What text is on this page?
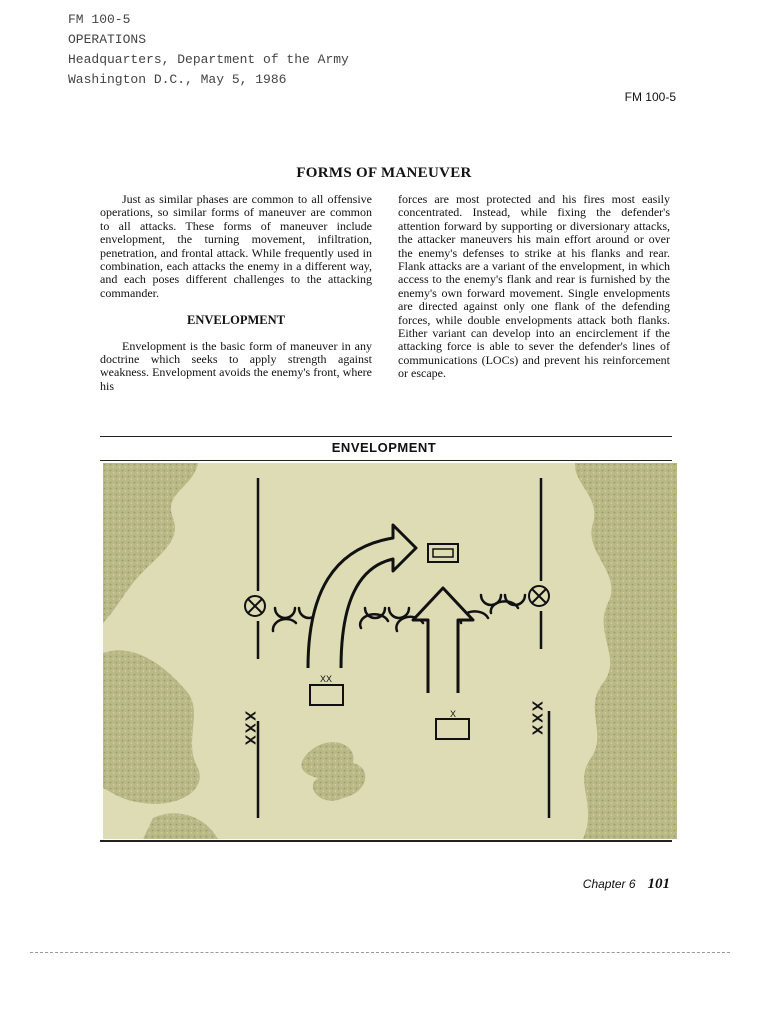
FM 100-5
OPERATIONS
Headquarters, Department of the Army
Washington D.C., May 5, 1986
FM 100-5
FORMS OF MANEUVER

Just as similar phases are common to all offensive operations, so similar forms of maneuver are common to all attacks. These forms of maneuver include envelopment, the turning movement, infiltration, penetration, and frontal attack. While frequently used in combination, each attacks the enemy in a different way, and each poses different challenges to the attacking commander.

ENVELOPMENT

Envelopment is the basic form of maneuver in any doctrine which seeks to apply strength against weakness. Envelopment avoids the enemy's front, where his

forces are most protected and his fires most easily concentrated. Instead, while fixing the defender's attention forward by supporting or diversionary attacks, the attacker maneuvers his main effort around or over the enemy's defenses to strike at his flanks and rear. Flank attacks are a variant of the envelopment, in which access to the enemy's flank and rear is furnished by the enemy's own forward movement. Single envelopments are directed against only one flank of the defending forces, while double envelopments attack both flanks. Either variant can develop into an encirclement if the attacking force is able to sever the defender's lines of communications (LOCs) and prevent his reinforcement or escape.

ENVELOPMENT
XXX	XXX
XX
X
Chapter 6 101
